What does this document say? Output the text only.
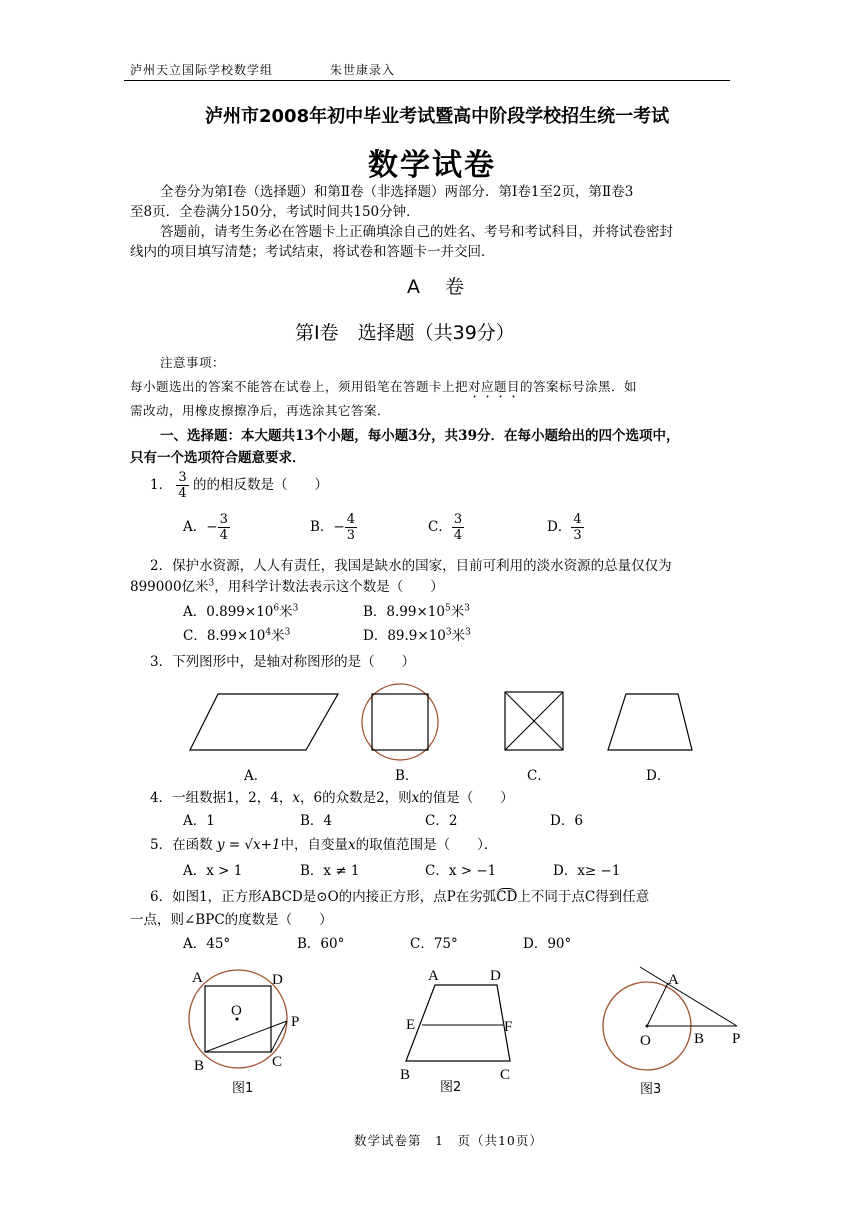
泸州天立国际学校数学组	朱世康录入
泸州市2008年初中毕业考试暨高中阶段学校招生统一考试
数学试卷
全卷分为第Ⅰ卷（选择题）和第Ⅱ卷（非选择题）两部分．第Ⅰ卷1至2页，第Ⅱ卷3
至8页．全卷满分150分，考试时间共150分钟．
答题前，请考生务必在答题卡上正确填涂自己的姓名、考号和考试科目，并将试卷密封
线内的项目填写清楚；考试结束，将试卷和答题卡一并交回．
A　 卷
第Ⅰ卷　选择题（共39分）
注意事项：
每小题选出的答案不能答在试卷上，须用铅笔在答题卡上把对应题目的答案标号涂黑．如
需改动，用橡皮擦擦净后，再选涂其它答案．
一、选择题：本大题共13个小题，每小题3分，共39分．在每小题给出的四个选项中，
只有一个选项符合题意要求．
1． $\frac{3}{4}$ 的的相反数是（　　）
A．− $\frac{3}{4}$	B．− $\frac{4}{3}$	C． $\frac{3}{4}$	D． $\frac{4}{3}$
2．保护水资源，人人有责任，我国是缺水的国家，目前可利用的淡水资源的总量仅仅为
899000亿米$^3$，用科学计数法表示这个数是（　　）
A．$0.899\times 10^6$米$^3$	B．$8.99\times 10^5$米$^3$
C．$8.99\times 10^4$米$^3$	D．$89.9\times 10^3$米$^3$
3．下列图形中，是轴对称图形的是（　　）
A．	B．	C．	D．
4．一组数据1，2，4，x，6的众数是2，则x的值是（　　）
A．1	B．4	C．2	D．6
5．在函数 y = √x+1中，自变量x的取值范围是（　　）．
A．x > 1	B．x ≠ 1	C．x > −1	D．x≥ −1
6．如图1，正方形ABCD是⊙O的内接正方形，点P在劣弧CD上不同于点C得到任意
一点，则∠BPC的度数是（　　）
A．45°	B．60°	C．75°	D．90°
A	D
O
P
B	C
图1
A	D
E	F
B	C
图2
A
O	B P
图3
数学试卷第　1　页（共10页）
